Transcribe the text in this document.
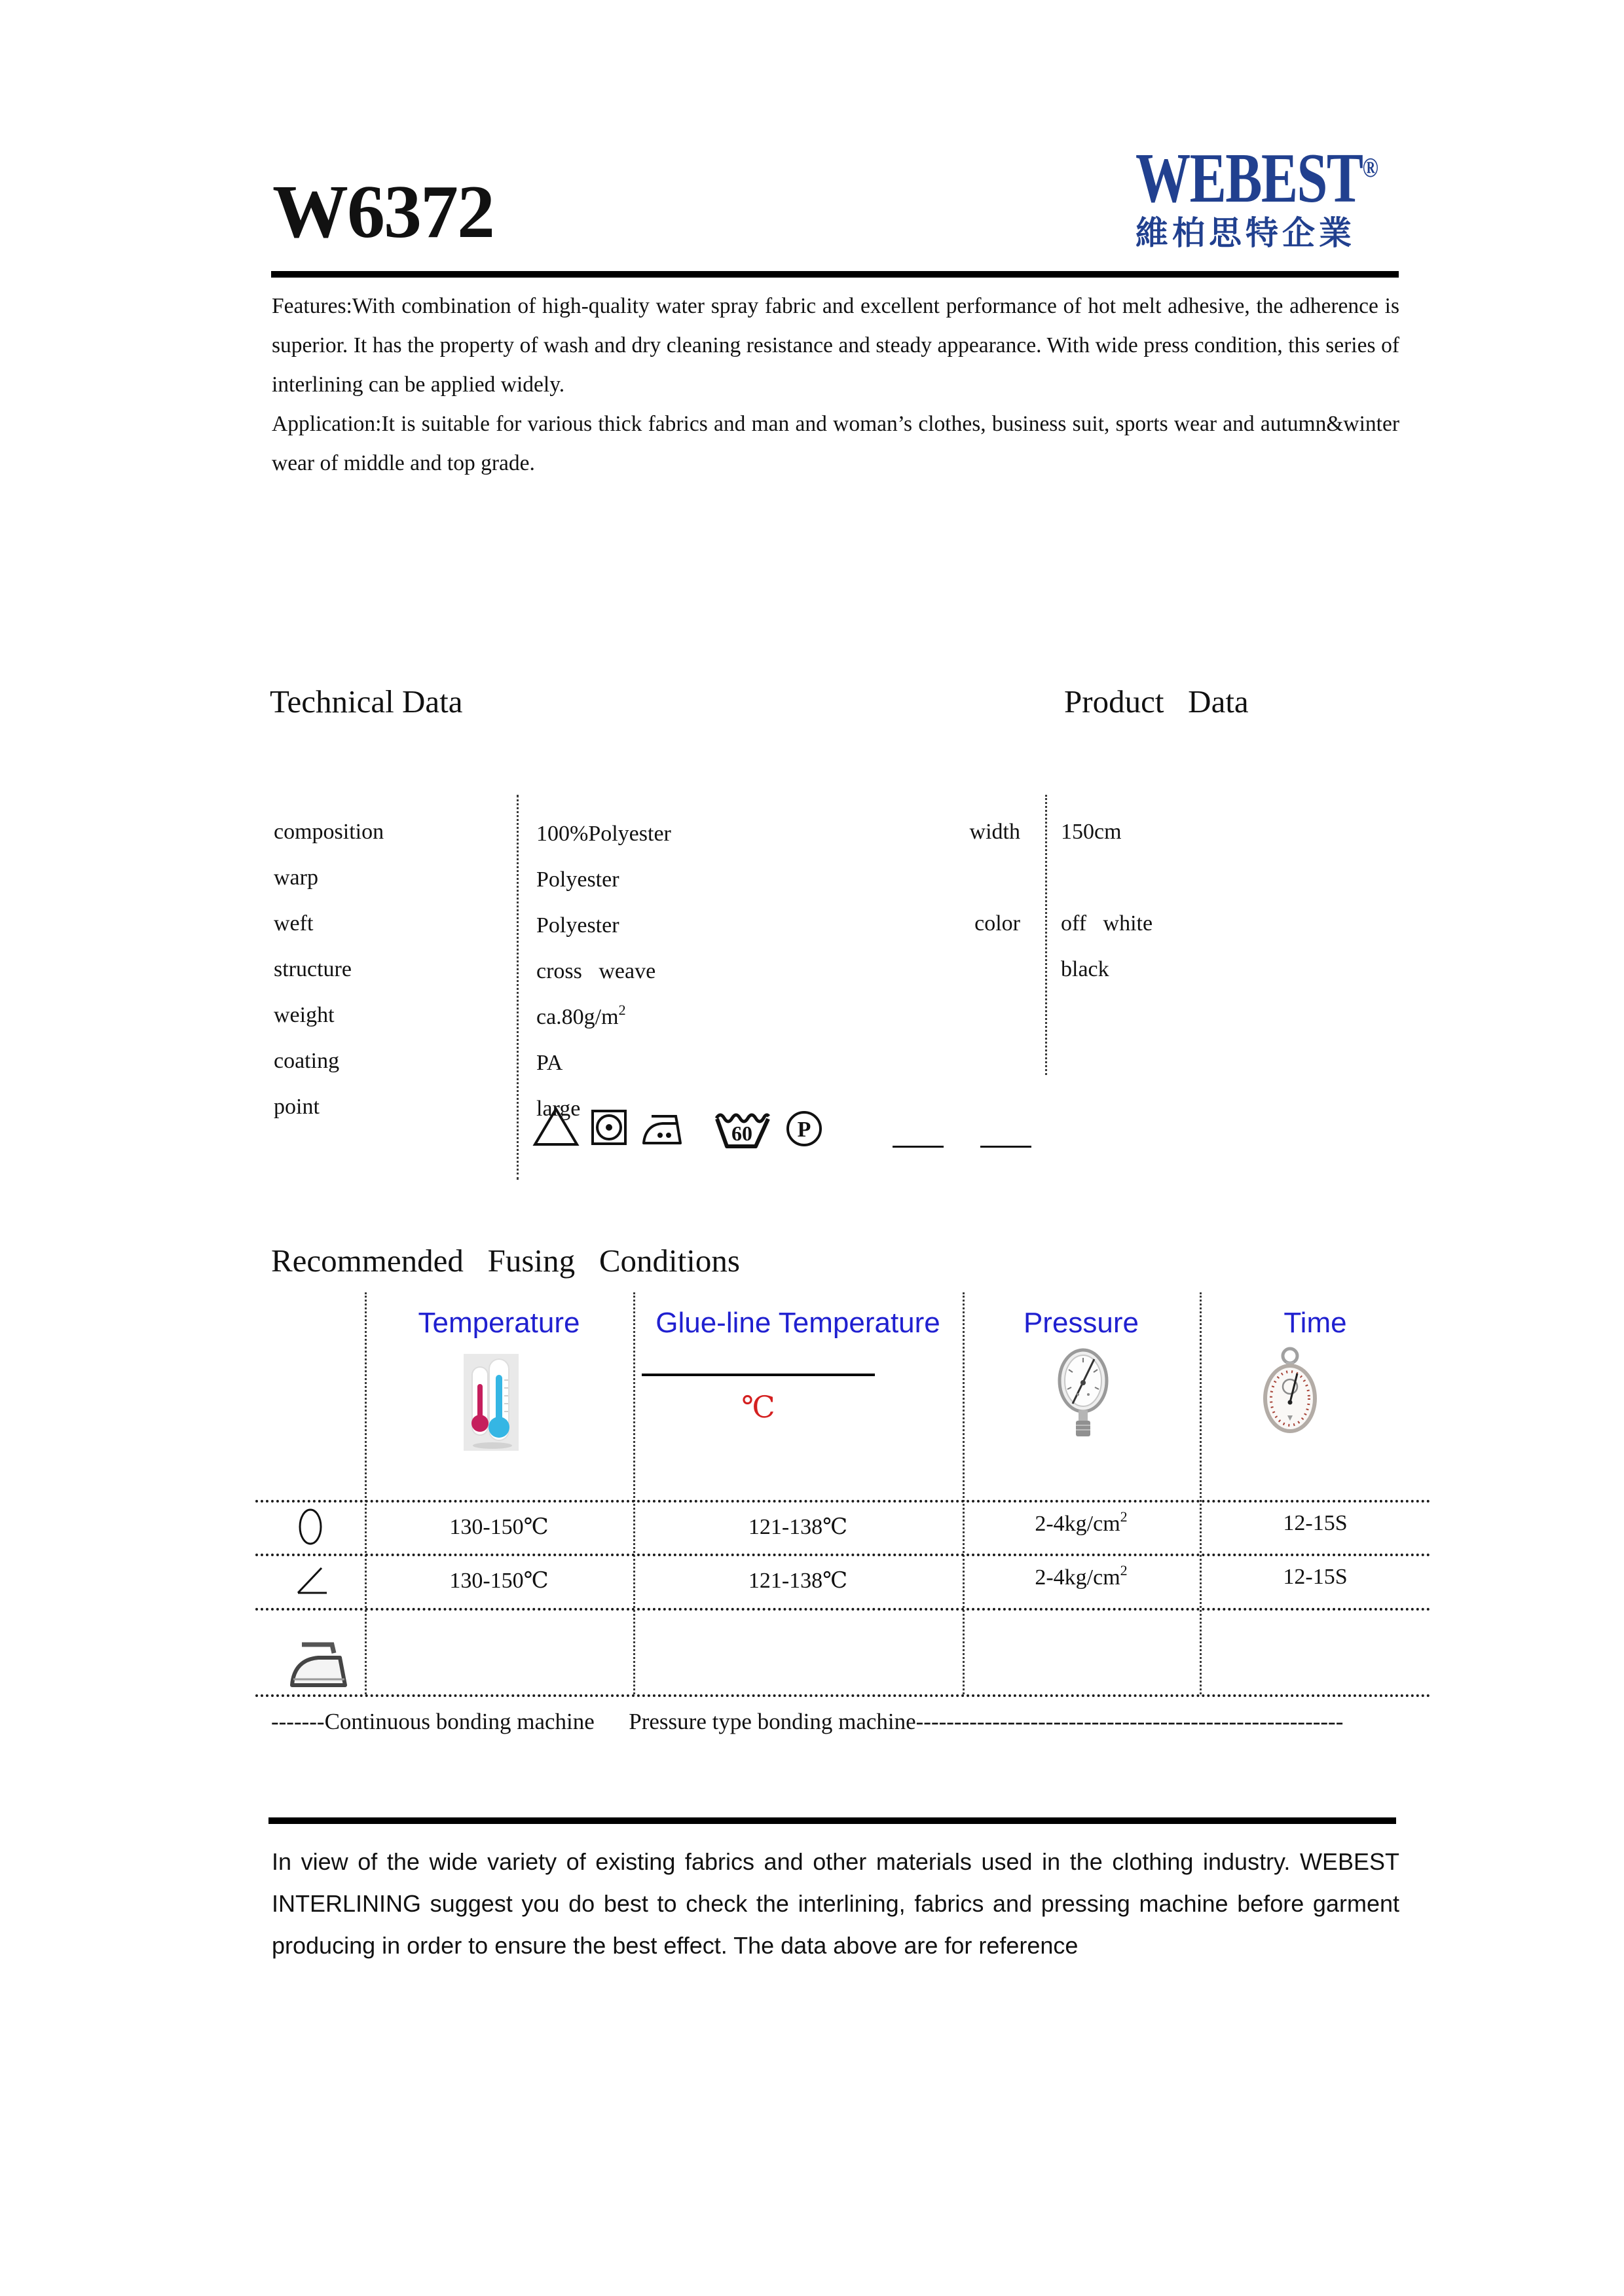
W6372	WEBEST®
維柏思特企業

Features:With combination of high-quality water spray fabric and excellent performance of hot melt adhesive, the adherence is superior. It has the property of wash and dry cleaning resistance and steady appearance. With wide press condition, this series of interlining can be applied widely.

Application:It is suitable for various thick fabrics and man and woman’s clothes, business suit, sports wear and autumn&winter wear of middle and top grade.

Technical Data	Product   Data
composition	100%Polyester
warp	Polyester
weft	Polyester
structure	cross   weave
weight	$ca.80g/m^2$
coating	PA
point	large
width	150cm
color	off   white
black
60 P
Recommended   Fusing   Conditions
Temperature	Glue-line Temperature	Pressure	Time
℃
130-150℃	121-138℃	$2-4kg/cm^2$	12-15S
130-150℃	121-138℃	$2-4kg/cm^2$	12-15S
-------Continuous bonding machine      Pressure type bonding machine--------------------------------------------------------
In view of the wide variety of existing fabrics and other materials used in the clothing industry. WEBEST INTERLINING suggest you do best to check the interlining, fabrics and pressing machine before garment producing in order to ensure the best effect. The data above are for reference
